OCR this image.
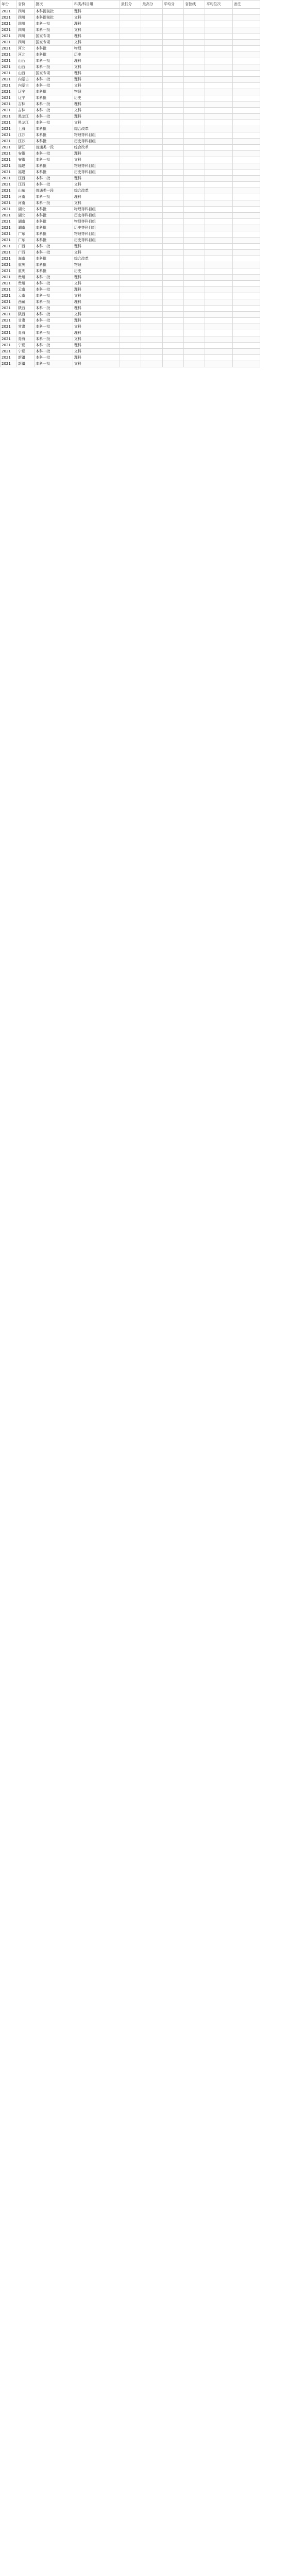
年份	省份	批次	科类/科目组	最低分	最高分	平均分	省控线	平均位次	备注
2021	四川	本科提前批	理科						
2021	四川	本科提前批	文科						
2021	四川	本科一批	理科						
2021	四川	本科一批	文科						
2021	四川	国家专项	理科						
2021	四川	国家专项	文科						
2021	河北	本科批	物理						
2021	河北	本科批	历史						
2021	山西	本科一批	理科						
2021	山西	本科一批	文科						
2021	山西	国家专项	理科						
2021	内蒙古	本科一批	理科						
2021	内蒙古	本科一批	文科						
2021	辽宁	本科批	物理						
2021	辽宁	本科批	历史						
2021	吉林	本科一批	理科						
2021	吉林	本科一批	文科						
2021	黑龙江	本科一批	理科						
2021	黑龙江	本科一批	文科						
2021	上海	本科批	综合改革						
2021	江苏	本科批	物理等科目组						
2021	江苏	本科批	历史等科目组						
2021	浙江	普通类一段	综合改革						
2021	安徽	本科一批	理科						
2021	安徽	本科一批	文科						
2021	福建	本科批	物理等科目组						
2021	福建	本科批	历史等科目组						
2021	江西	本科一批	理科						
2021	江西	本科一批	文科						
2021	山东	普通类一段	综合改革						
2021	河南	本科一批	理科						
2021	河南	本科一批	文科						
2021	湖北	本科批	物理等科目组						
2021	湖北	本科批	历史等科目组						
2021	湖南	本科批	物理等科目组						
2021	湖南	本科批	历史等科目组						
2021	广东	本科批	物理等科目组						
2021	广东	本科批	历史等科目组						
2021	广西	本科一批	理科						
2021	广西	本科一批	文科						
2021	海南	本科批	综合改革						
2021	重庆	本科批	物理						
2021	重庆	本科批	历史						
2021	贵州	本科一批	理科						
2021	贵州	本科一批	文科						
2021	云南	本科一批	理科						
2021	云南	本科一批	文科						
2021	西藏	本科一批	理科						
2021	陕西	本科一批	理科						
2021	陕西	本科一批	文科						
2021	甘肃	本科一批	理科						
2021	甘肃	本科一批	文科						
2021	青海	本科一批	理科						
2021	青海	本科一批	文科						
2021	宁夏	本科一批	理科						
2021	宁夏	本科一批	文科						
2021	新疆	本科一批	理科						
2021	新疆	本科一批	文科						
